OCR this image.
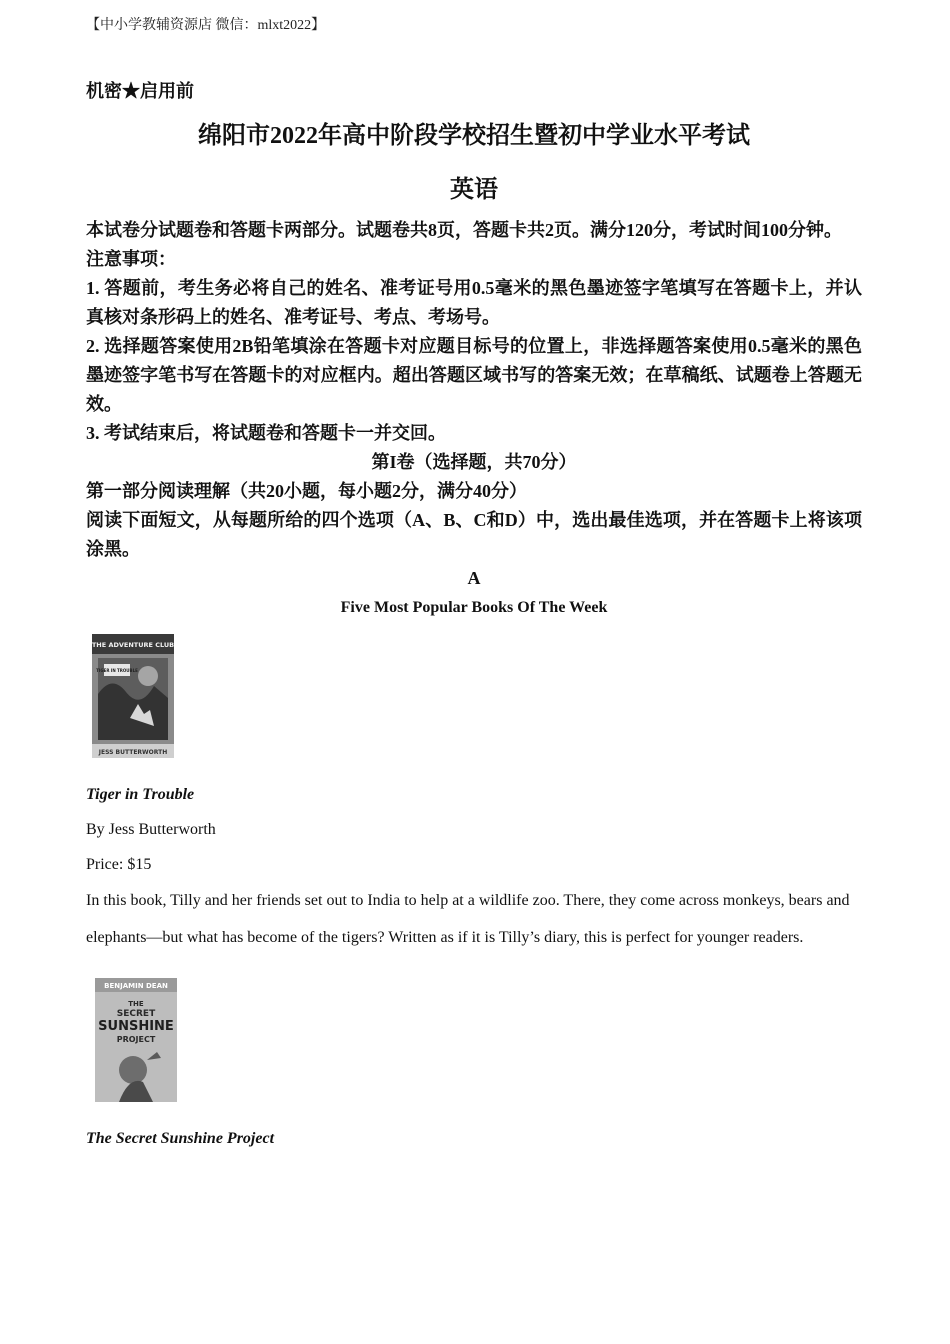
【中小学教辅资源店 微信：mlxt2022】

机密★启用前

绵阳市2022年高中阶段学校招生暨初中学业水平考试

英语

本试卷分试题卷和答题卡两部分。试题卷共8页，答题卡共2页。满分120分，考试时间100分钟。

注意事项：

1. 答题前，考生务必将自己的姓名、准考证号用0.5毫米的黑色墨迹签字笔填写在答题卡上，并认真核对条形码上的姓名、准考证号、考点、考场号。

2. 选择题答案使用2B铅笔填涂在答题卡对应题目标号的位置上，非选择题答案使用0.5毫米的黑色墨迹签字笔书写在答题卡的对应框内。超出答题区域书写的答案无效；在草稿纸、试题卷上答题无效。

3. 考试结束后，将试题卷和答题卡一并交回。

第I卷（选择题，共70分）

第一部分阅读理解（共20小题，每小题2分，满分40分）

阅读下面短文，从每题所给的四个选项（A、B、C和D）中，选出最佳选项，并在答题卡上将该项涂黑。

A

Five Most Popular Books Of The Week

THE ADVENTURE CLUB
TIGER IN TROUBLE
JESS BUTTERWORTH

Tiger in Trouble

By Jess Butterworth

Price: $15

In this book, Tilly and her friends set out to India to help at a wildlife zoo. There, they come across monkeys, bears and elephants—but what has become of the tigers? Written as if it is Tilly’s diary, this is perfect for younger readers.

BENJAMIN DEAN
THE
SECRET
SUNSHINE
PROJECT

The Secret Sunshine Project
